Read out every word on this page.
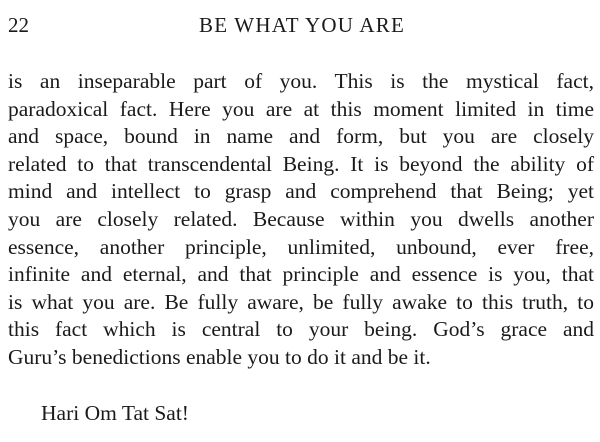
22	BE WHAT YOU ARE

is an inseparable part of you. This is the mystical fact,
paradoxical fact. Here you are at this moment limited in time
and space, bound in name and form, but you are closely
related to that transcendental Being. It is beyond the ability of
mind and intellect to grasp and comprehend that Being; yet
you are closely related. Because within you dwells another
essence, another principle, unlimited, unbound, ever free,
infinite and eternal, and that principle and essence is you, that
is what you are. Be fully aware, be fully awake to this truth, to
this fact which is central to your being. God’s grace and
Guru’s benedictions enable you to do it and be it.

Hari Om Tat Sat!
